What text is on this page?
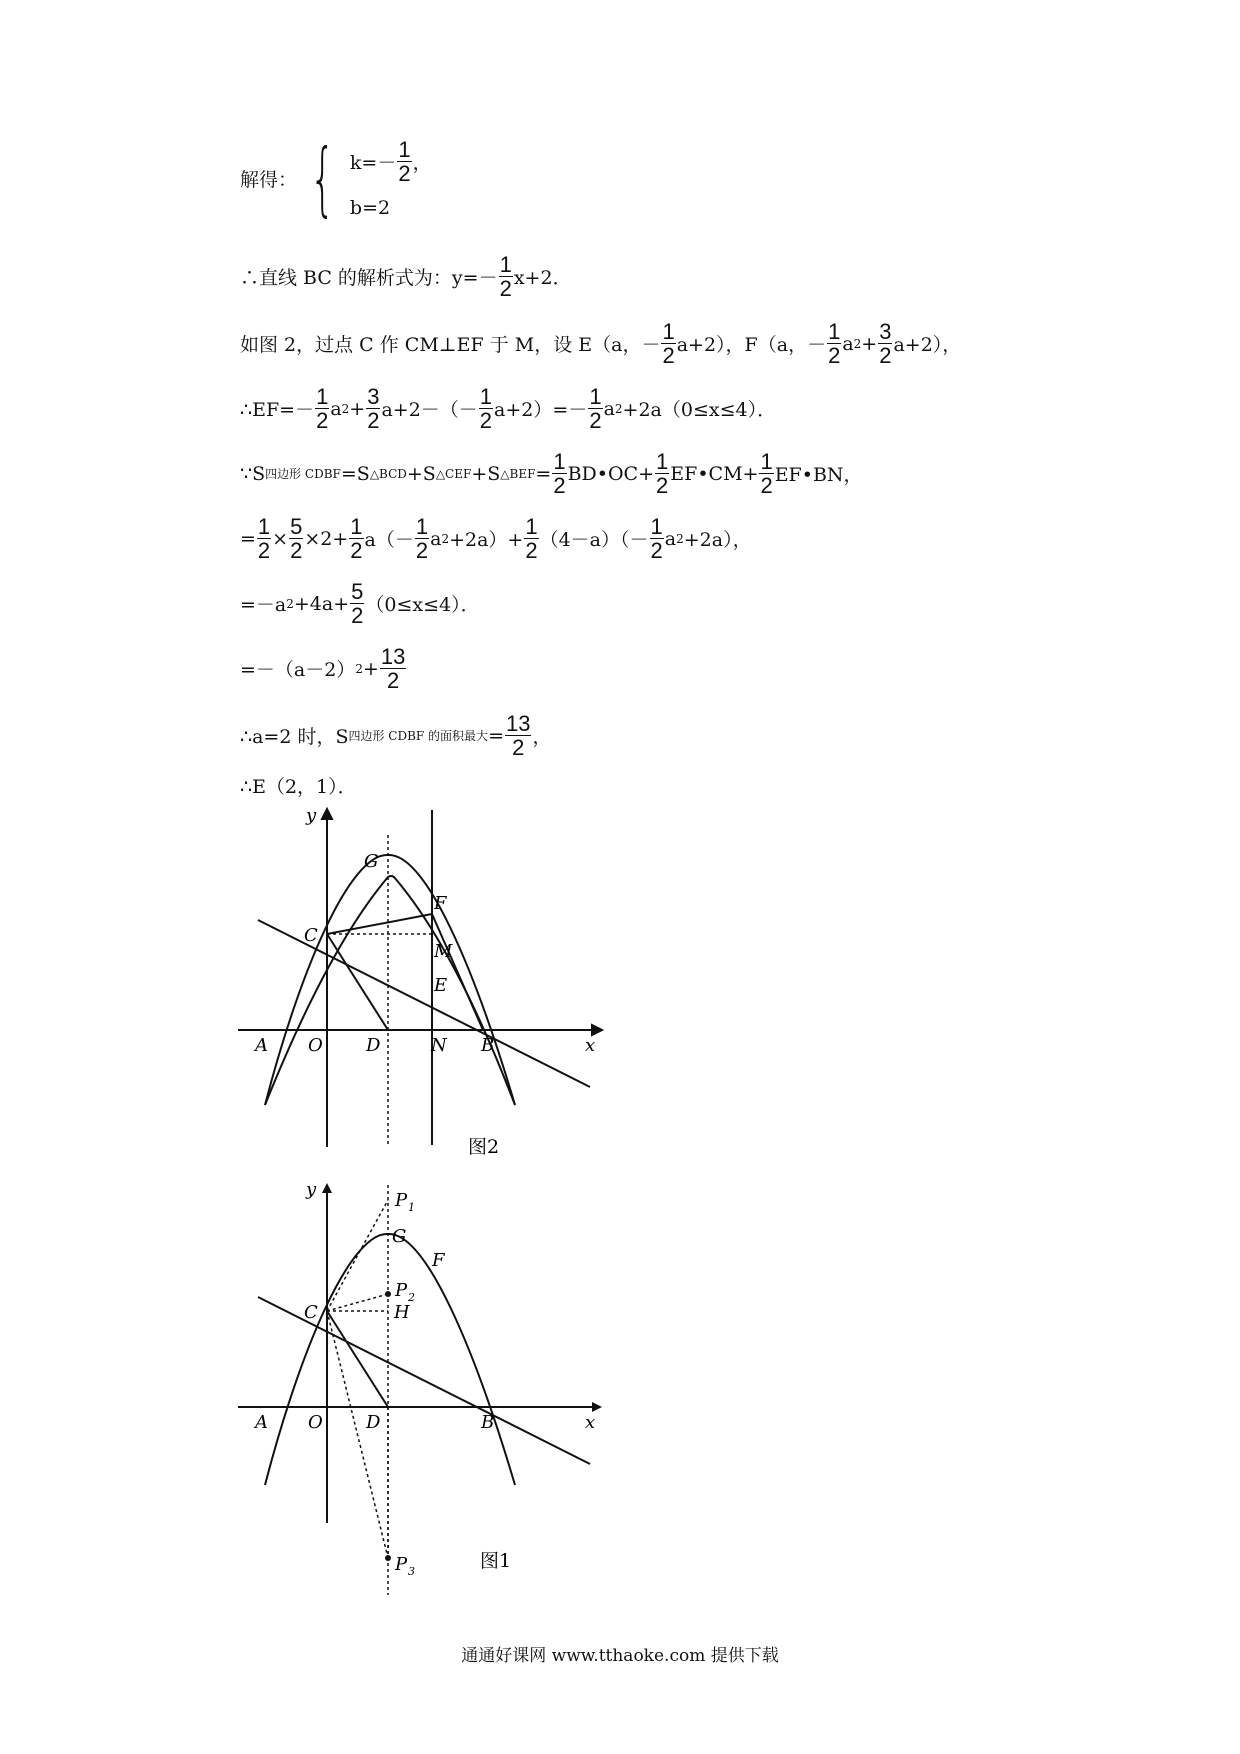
解得： { $k=- \frac{1}{2}$ ，
b=2
∴直线 BC 的解析式为：$y=- \frac{1}{2} x+2$．
如图 2，过点 C 作 CM⊥EF 于 M，设 E（a，－ $\frac{1}{2} a+2$），F（a，－ $\frac{1}{2}$ a $2 + \frac{3}{2} a+2$），
∴EF=－ $\frac{1}{2}$ a $2 + \frac{3}{2} a+2-(- \frac{1}{2} a+2)=- \frac{1}{2}$ a 2 +2a（0≤x≤4）．
∵S 四边形 CDBF =S △BCD +S △CEF +S △BEF = $\frac{1}{2}$ BD•OC+ $\frac{1}{2}$ EF•CM+ $\frac{1}{2}$ EF•BN，
= $\frac{1}{2} \times \frac{5}{2} \times 2+ \frac{1}{2} a(- \frac{1}{2}$ a $2 +2a)+ \frac{1}{2} (4-a)(- \frac{1}{2}$ a 2 +2a），
=－a $2 +4a+ \frac{5}{2} (0\le x\le 4)$．
=－（a－2） $2 + \frac{13}{2}$
∴a=2 时，S 四边形 CDBF 的面积最大 = $\frac{13}{2}$ ，
∴E（2，1）．
y
x
G
F
C
M
E
A O D	N B
图2
y
x
P 1
G
F
P 2
H
C
A O D	B
P 3	图1
通通好课网 www.tthaoke.com 提供下载
